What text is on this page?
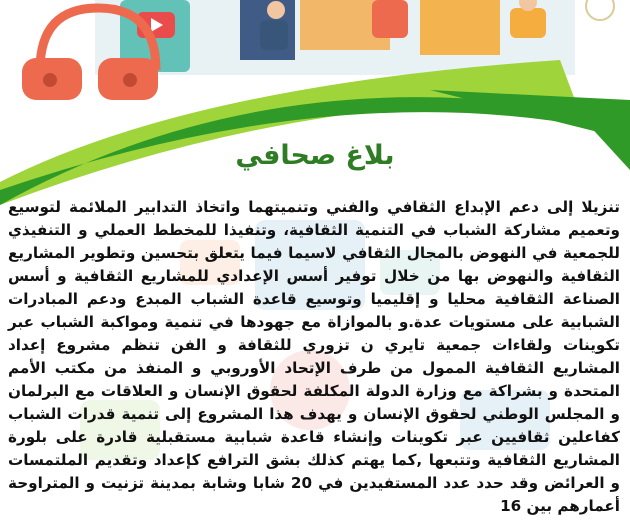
بلاغ صحافي

تنزيلا إلى دعم الإبداع الثقافي والفني وتنميتهما واتخاذ التدابير الملائمة لتوسيع وتعميم مشاركة الشباب في التنمية الثقافية، وتنفيذا للمخطط العملي و التنفيذي للجمعية في النهوض بالمجال الثقافي لاسيما فيما يتعلق بتحسين وتطوير المشاريع الثقافية والنهوض بها من خلال توفير أسس الإعدادي للمشاريع الثقافية و أسس الصناعة الثقافية محليا و إقليميا وتوسيع قاعدة الشباب المبدع ودعم المبادرات الشبابية على مستويات عدة.و بالموازاة مع جهودها في تنمية ومواكبة الشباب عبر تكوينات ولقاءات جمعية تايري ن تزوري للثقافة و الفن تنظم مشروع إعداد المشاريع الثقافية الممول من طرف الإتحاد الأوروبي و المنفذ من مكتب الأمم المتحدة و بشراكة مع وزارة الدولة المكلفة لحقوق الإنسان و العلاقات مع البرلمان و المجلس الوطني لحقوق الإنسان و يهدف هذا المشروع إلى تنمية قدرات الشباب كفاعلين ثقافيين عبر تكوينات وإنشاء قاعدة شبابية مستقبلية قادرة على بلورة المشاريع الثقافية وتتبعها ,كما يهتم كذلك بشق الترافع كإعداد وتقديم الملتمسات و العرائض وقد حدد عدد المستفيدين في 20 شابا وشابة بمدينة تزنيت و المتراوحة أعمارهم بين 16
